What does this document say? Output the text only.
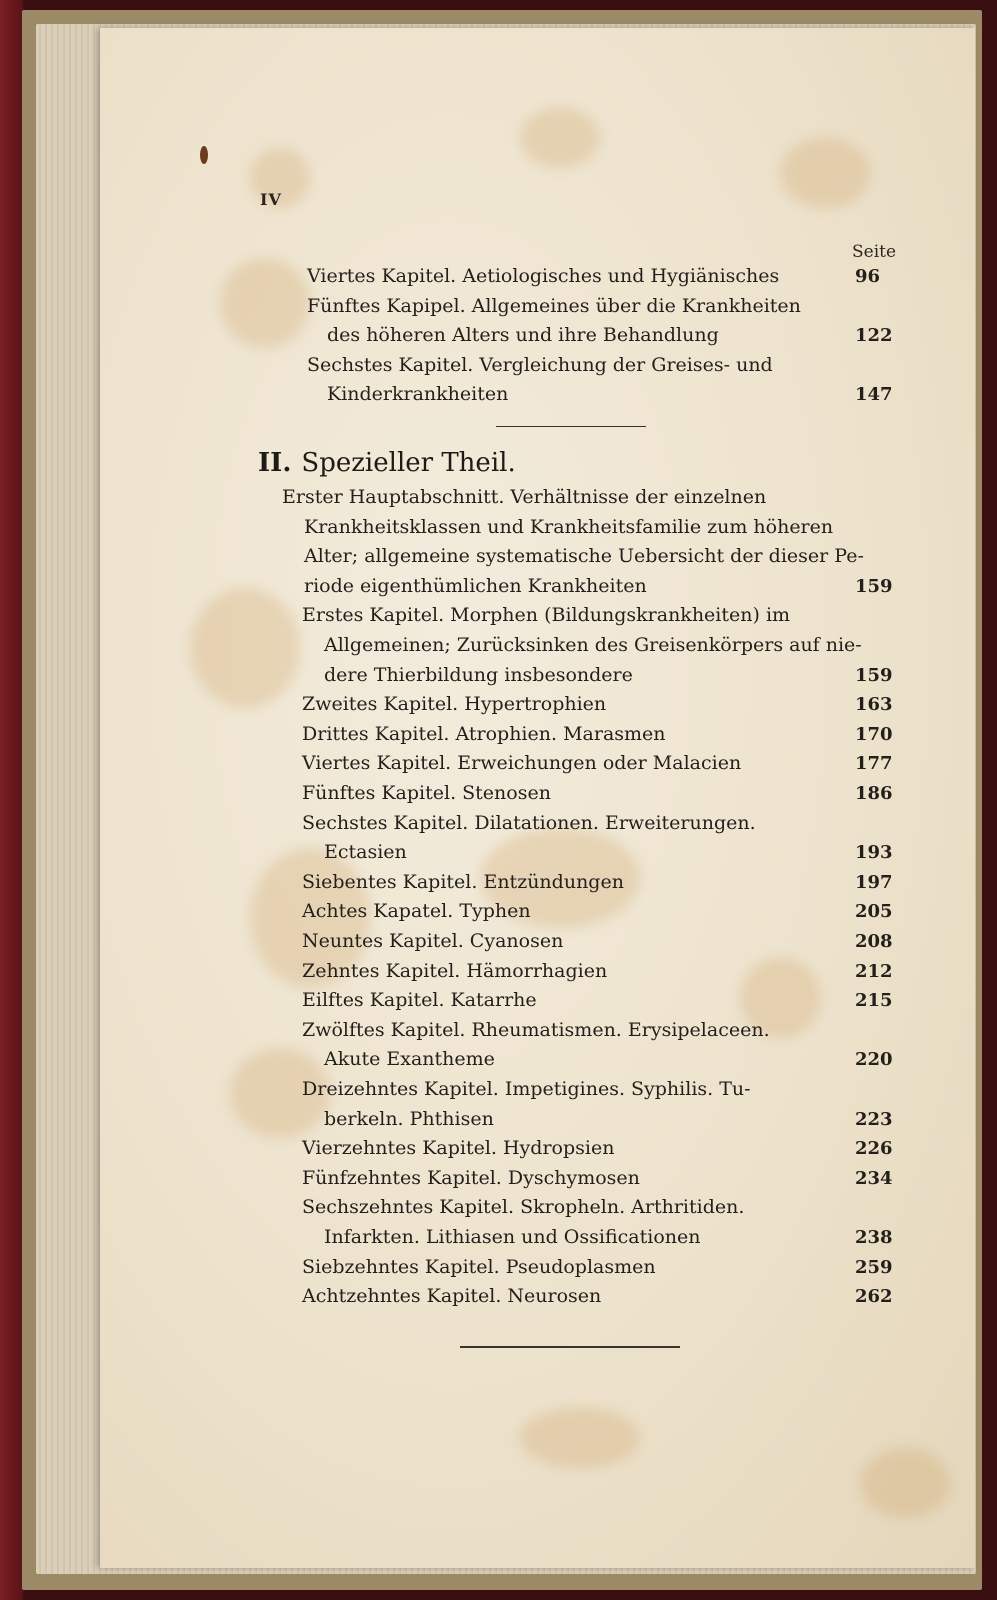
IV
Seite
Viertes Kapitel. Aetiologisches und Hygiänisches	96
Fünftes Kapipel. Allgemeines über die Krankheiten
des höheren Alters und ihre Behandlung	122
Sechstes Kapitel. Vergleichung der Greises- und
Kinderkrankheiten	147
II. Spezieller Theil.
Erster Hauptabschnitt. Verhältnisse der einzelnen
Krankheitsklassen und Krankheitsfamilie zum höheren
Alter; allgemeine systematische Uebersicht der dieser Pe-
riode eigenthümlichen Krankheiten	159
Erstes Kapitel. Morphen (Bildungskrankheiten) im
Allgemeinen; Zurücksinken des Greisenkörpers auf nie-
dere Thierbildung insbesondere	159
Zweites Kapitel. Hypertrophien	163
Drittes Kapitel. Atrophien. Marasmen	170
Viertes Kapitel. Erweichungen oder Malacien	177
Fünftes Kapitel. Stenosen	186
Sechstes Kapitel. Dilatationen. Erweiterungen.
Ectasien	193
Siebentes Kapitel. Entzündungen	197
Achtes Kapatel. Typhen	205
Neuntes Kapitel. Cyanosen	208
Zehntes Kapitel. Hämorrhagien	212
Eilftes Kapitel. Katarrhe	215
Zwölftes Kapitel. Rheumatismen. Erysipelaceen.
Akute Exantheme	220
Dreizehntes Kapitel. Impetigines. Syphilis. Tu-
berkeln. Phthisen	223
Vierzehntes Kapitel. Hydropsien	226
Fünfzehntes Kapitel. Dyschymosen	234
Sechszehntes Kapitel. Skropheln. Arthritiden.
Infarkten. Lithiasen und Ossificationen	238
Siebzehntes Kapitel. Pseudoplasmen	259
Achtzehntes Kapitel. Neurosen	262
